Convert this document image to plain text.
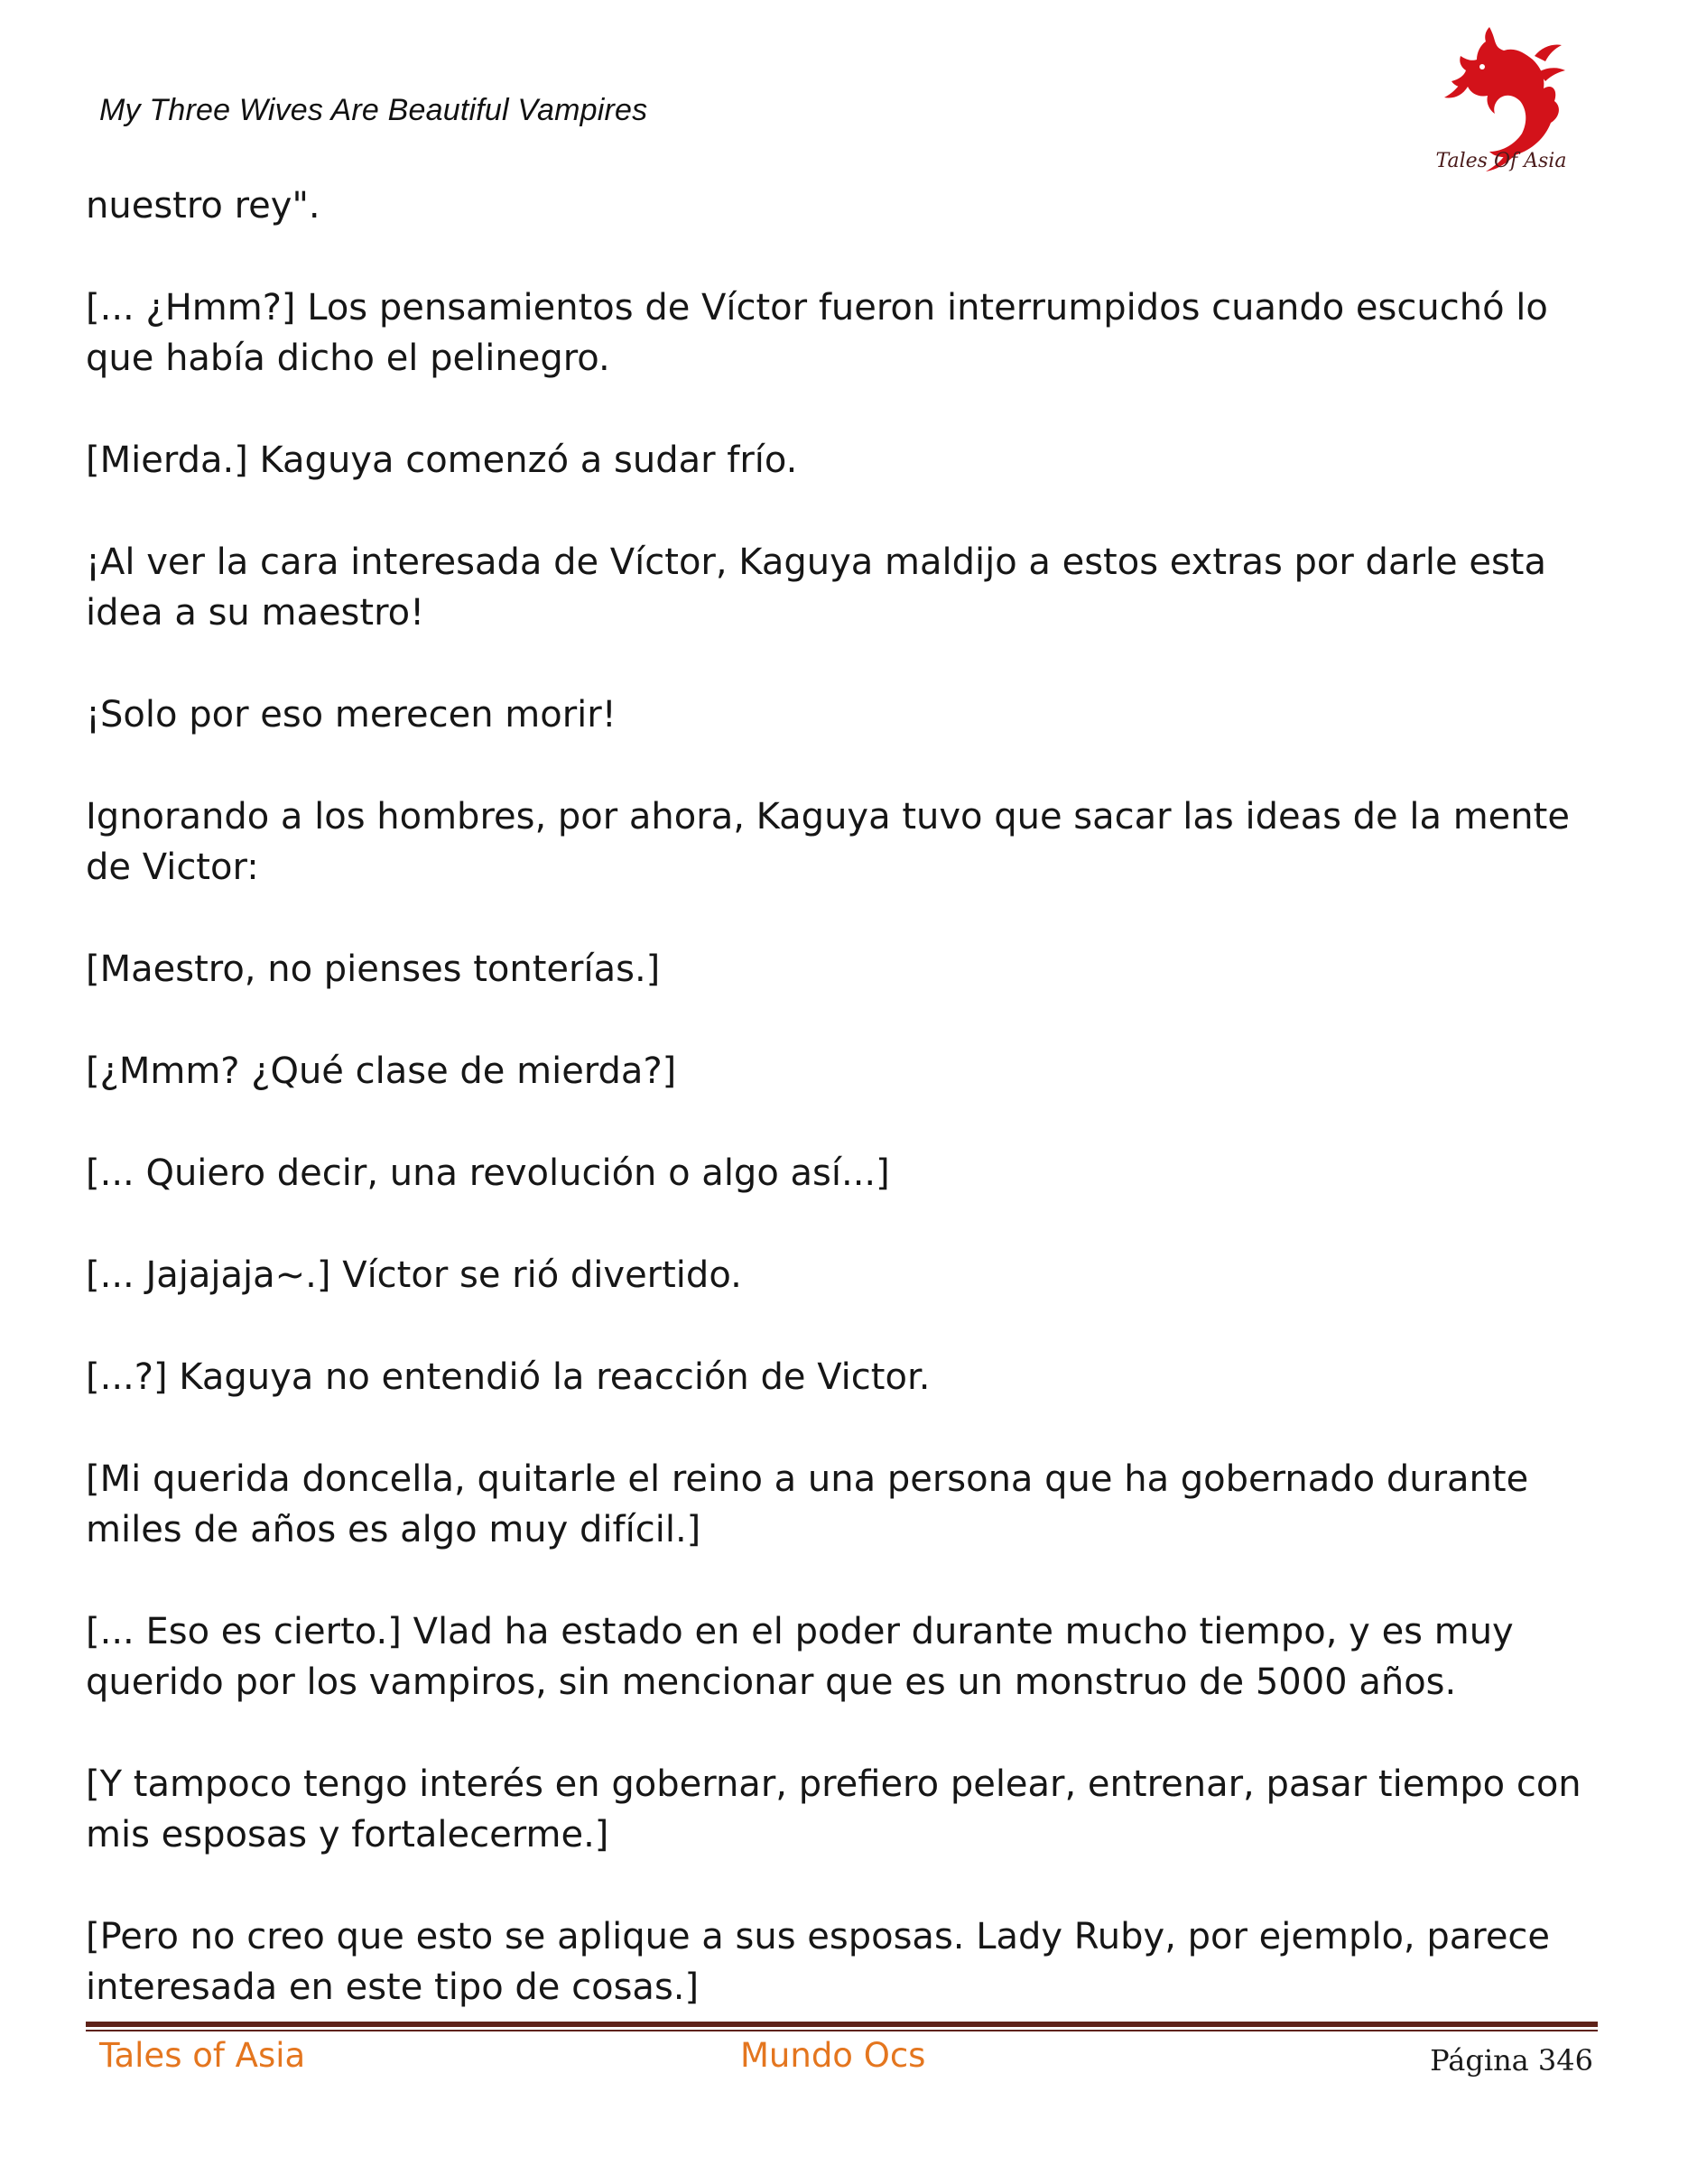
My Three Wives Are Beautiful Vampires
Tales Of Asia

nuestro rey".

[... ¿Hmm?] Los pensamientos de Víctor fueron interrumpidos cuando escuchó lo que había dicho el pelinegro.

[Mierda.] Kaguya comenzó a sudar frío.

¡Al ver la cara interesada de Víctor, Kaguya maldijo a estos extras por darle esta idea a su maestro!

¡Solo por eso merecen morir!

Ignorando a los hombres, por ahora, Kaguya tuvo que sacar las ideas de la mente de Victor:

[Maestro, no pienses tonterías.]

[¿Mmm? ¿Qué clase de mierda?]

[... Quiero decir, una revolución o algo así...]

[... Jajajaja~.] Víctor se rió divertido.

[...?] Kaguya no entendió la reacción de Victor.

[Mi querida doncella, quitarle el reino a una persona que ha gobernado durante miles de años es algo muy difícil.]

[... Eso es cierto.] Vlad ha estado en el poder durante mucho tiempo, y es muy querido por los vampiros, sin mencionar que es un monstruo de 5000 años.

[Y tampoco tengo interés en gobernar, prefiero pelear, entrenar, pasar tiempo con mis esposas y fortalecerme.]

[Pero no creo que esto se aplique a sus esposas. Lady Ruby, por ejemplo, parece interesada en este tipo de cosas.]

Tales of Asia	Mundo Ocs	Página 346
